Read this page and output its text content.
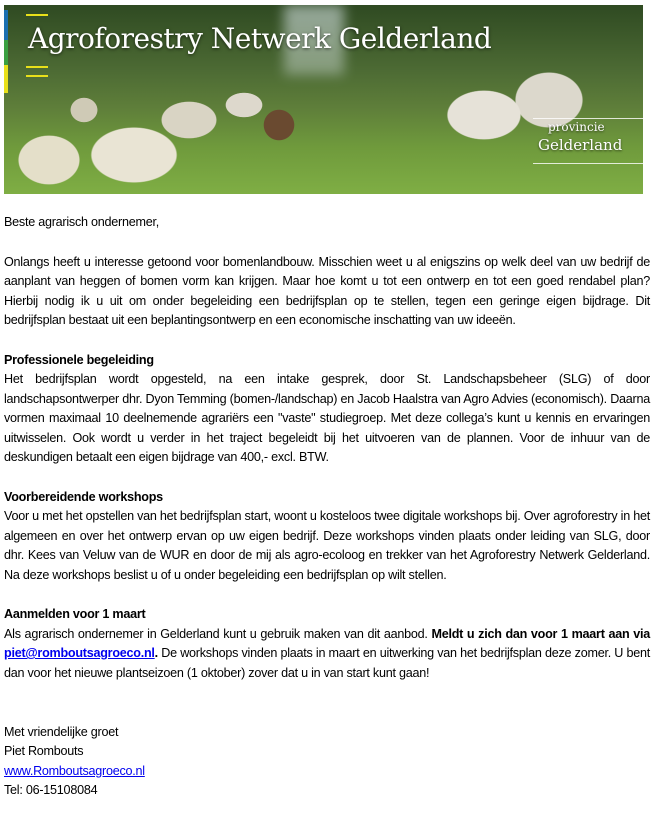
Agroforestry Netwerk Gelderland
provincie
Gelderland

Beste agrarisch ondernemer,

Onlangs heeft u interesse getoond voor bomenlandbouw. Misschien weet u al enigszins op welk deel van uw bedrijf de aanplant van heggen of bomen vorm kan krijgen. Maar hoe komt u tot een ontwerp en tot een goed rendabel plan? Hierbij nodig ik u uit om onder begeleiding een bedrijfsplan op te stellen, tegen een geringe eigen bijdrage. Dit bedrijfsplan bestaat uit een beplantingsontwerp en een economische inschatting van uw ideeën.

Professionele begeleiding

Het bedrijfsplan wordt opgesteld, na een intake gesprek, door St. Landschapsbeheer (SLG) of door landschapsontwerper dhr. Dyon Temming (bomen-/landschap) en Jacob Haalstra van Agro Advies (economisch). Daarna vormen maximaal 10 deelnemende agrariërs een "vaste" studiegroep. Met deze collega’s kunt u kennis en ervaringen uitwisselen. Ook wordt u verder in het traject begeleidt bij het uitvoeren van de plannen. Voor de inhuur van de deskundigen betaalt een eigen bijdrage van 400,- excl. BTW.

Voorbereidende workshops

Voor u met het opstellen van het bedrijfsplan start, woont u kosteloos twee digitale workshops bij. Over agroforestry in het algemeen en over het ontwerp ervan op uw eigen bedrijf. Deze workshops vinden plaats onder leiding van SLG, door dhr. Kees van Veluw van de WUR en door de mij als agro-ecoloog en trekker van het Agroforestry Netwerk Gelderland. Na deze workshops beslist u of u onder begeleiding een bedrijfsplan op wilt stellen.

Aanmelden voor 1 maart

Als agrarisch ondernemer in Gelderland kunt u gebruik maken van dit aanbod. Meldt u zich dan voor 1 maart aan via piet@romboutsagroeco.nl. De workshops vinden plaats in maart en uitwerking van het bedrijfsplan deze zomer. U bent dan voor het nieuwe plantseizoen (1 oktober) zover dat u in van start kunt gaan!

Met vriendelijke groet

Piet Rombouts

www.Romboutsagroeco.nl

Tel: 06-15108084
